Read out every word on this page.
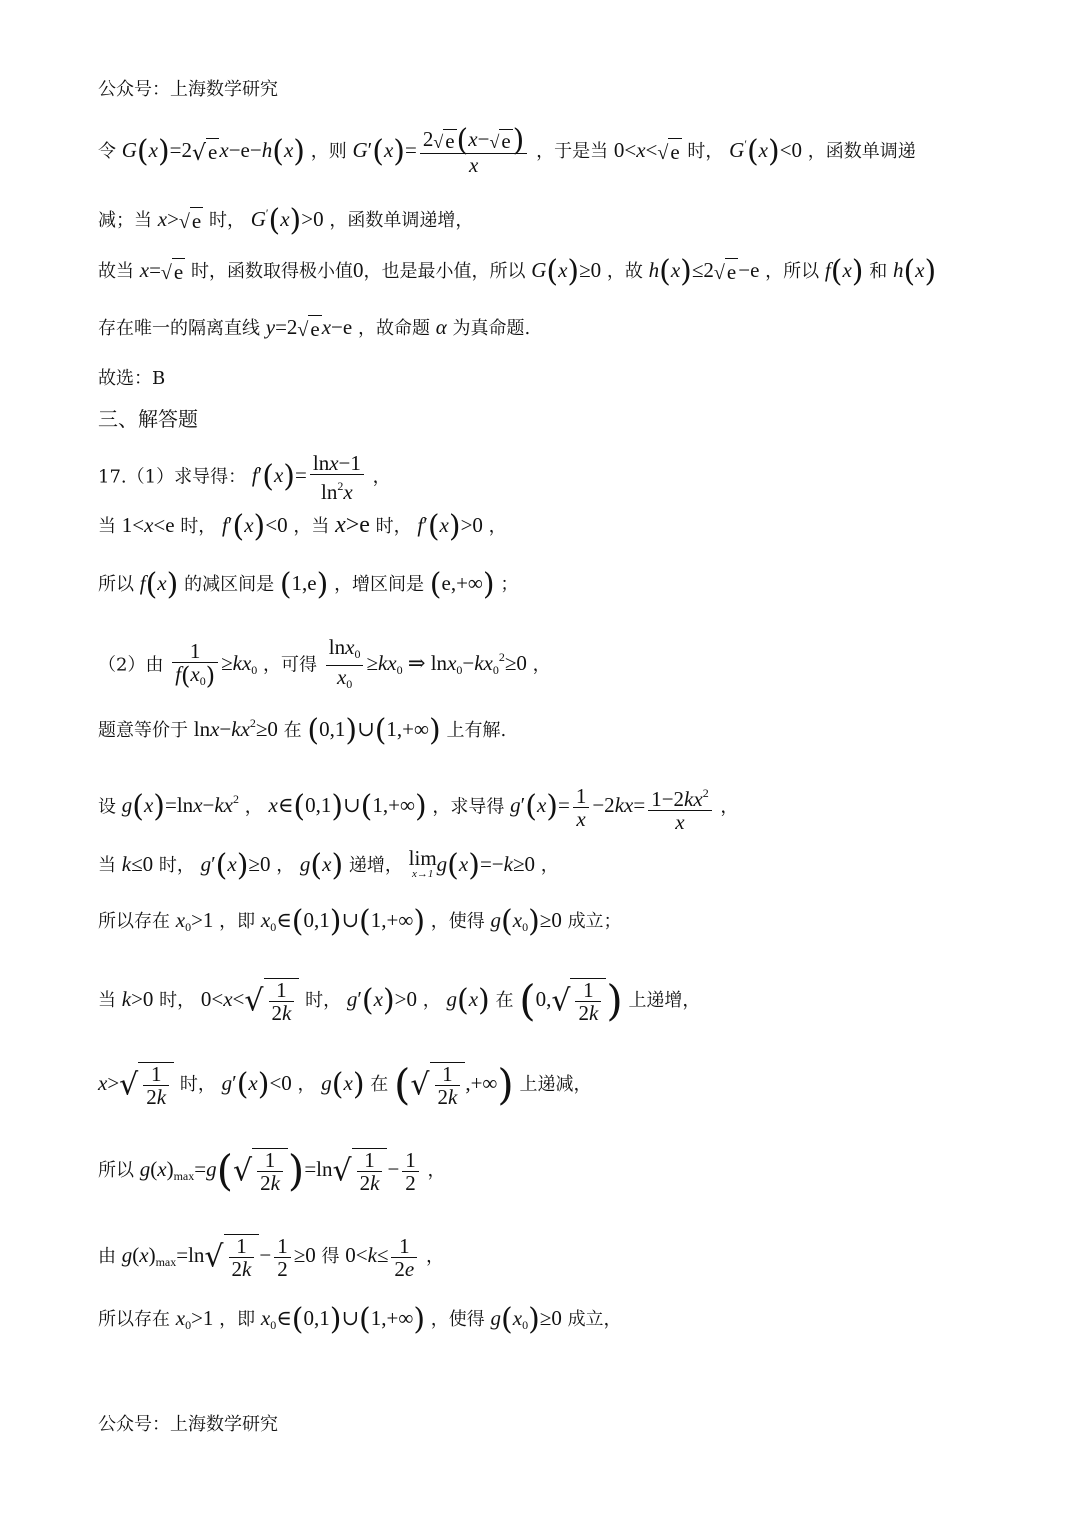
公众号：上海数学研究
令 G(x)=2√ex−e−h(x) ，则 $G'(x)= \frac{2√e(x-√e)}{x}$ ，于是当 0<x<√e 时， G′(x)<0 ，函数单调递
减；当 x>√e 时， G′(x)>0 ，函数单调递增，
故当 x=√e 时，函数取得极小值0，也是最小值，所以 G(x)≥0 ，故 h(x)≤2√e−e ，所以 f(x) 和 h(x)
存在唯一的隔离直线 y=2√ex−e ，故命题 α 为真命题.
故选：B
三、解答题
17.（1）求导得： $f'(x)= \frac{\ln x-1}{\ln^2x}$ ，
当 1<x<e 时， f′(x)<0 ，当 x>e 时， f′(x)>0 ，
所以 f(x) 的减区间是 (1,e) ，增区间是 (e,+∞) ；
（2）由 $\frac{1}{f(x_0)} \ge kx_0$ ，可得 $\frac{\ln x_0}{x_0} \ge kx_0$ ⇒ $\ln x_0-kx_0^2\ge 0$ ，
题意等价于 $\ln x-kx^2\ge 0$ 在 (0,1)∪(1,+∞) 上有解.
设 $g(x)=\ln x-kx^2$ ， x∈(0,1)∪(1,+∞) ，求导得 $g'(x)= \frac{1}{x} -2kx= \frac{1-2kx^2}{x}$ ，
当 k≤0 时， g′(x)≥0 ， g(x) 递增， lim
x→1 g(x)=−k≥0 ，
所以存在 $x_0>1$ ，即 $x_0\in(0,1)\cup(1,+\infty)$ ，使得 $g(x_0)\ge 0$ 成立；
当 k>0 时， $0<x<√ \frac{1}{2k}$ 时， g′(x)>0 ， g(x) 在 ($0,√ \frac{1}{2k}$ ) 上递增，
$x>√ \frac{1}{2k}$ 时， g′(x)<0 ， g(x) 在 (√ $\frac{1}{2k}$ ,+∞) 上递减，
所以 $g(x)_{max}=g(√ \frac{1}{2k} )=\ln√ \frac{1}{2k} - \frac{1}{2}$ ，
由 $g(x)_{max}=\ln√ \frac{1}{2k} - \frac{1}{2} \ge 0$ 得 $0<k\le \frac{1}{2e}$ ，
所以存在 $x_0>1$ ，即 $x_0\in(0,1)\cup(1,+\infty)$ ，使得 $g(x_0)\ge 0$ 成立，
公众号：上海数学研究
